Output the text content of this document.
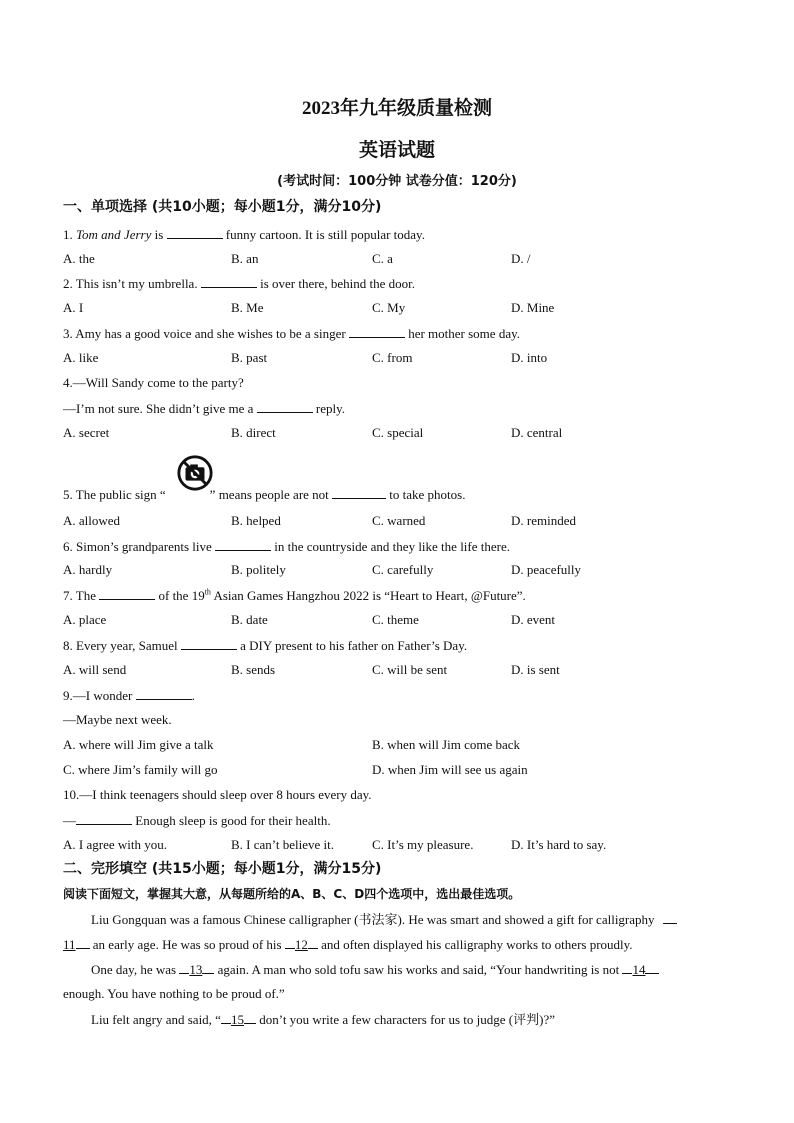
2023年九年级质量检测
英语试题
(考试时间：100分钟 试卷分值：120分)
一、单项选择 (共10小题；每小题1分，满分10分)
1. Tom and Jerry is	funny cartoon. It is still popular today.
A. the	B. an	C. a	D. /
2. This isn’t my umbrella.	is over there, behind the door.
A. I	B. Me	C. My	D. Mine
3. Amy has a good voice and she wishes to be a singer	her mother some day.
A. like	B. past	C. from	D. into
4.—Will Sandy come to the party?
—I’m not sure. She didn’t give me a	reply.
A. secret	B. direct	C. special	D. central
5. The public sign “	” means people are not	to take photos.
A. allowed	B. helped	C. warned	D. reminded
6. Simon’s grandparents live	in the countryside and they like the life there.
A. hardly	B. politely	C. carefully	D. peacefully
7. The	of the 19th Asian Games Hangzhou 2022 is “Heart to Heart, @Future”.
A. place	B. date	C. theme	D. event
8. Every year, Samuel	a DIY present to his father on Father’s Day.
A. will send	B. sends	C. will be sent	D. is sent
9.—I wonder	.
—Maybe next week.
A. where will Jim give a talk	B. when will Jim come back
C. where Jim’s family will go	D. when Jim will see us again
10.—I think teenagers should sleep over 8 hours every day.
—	Enough sleep is good for their health.
A. I agree with you.	B. I can’t believe it.	C. It’s my pleasure.	D. It’s hard to say.
二、完形填空 (共15小题；每小题1分，满分15分)
阅读下面短文，掌握其大意，从每题所给的A、B、C、D四个选项中，选出最佳选项。
Liu Gongquan was a famous Chinese calligrapher (书法家). He was smart and showed a gift for calligraphy
11 an early age. He was so proud of his 12 and often displayed his calligraphy works to others proudly.
One day, he was 13 again. A man who sold tofu saw his works and said, “Your handwriting is not 14
enough. You have nothing to be proud of.”
Liu felt angry and said, “ 15 don’t you write a few characters for us to judge (评判)?”
